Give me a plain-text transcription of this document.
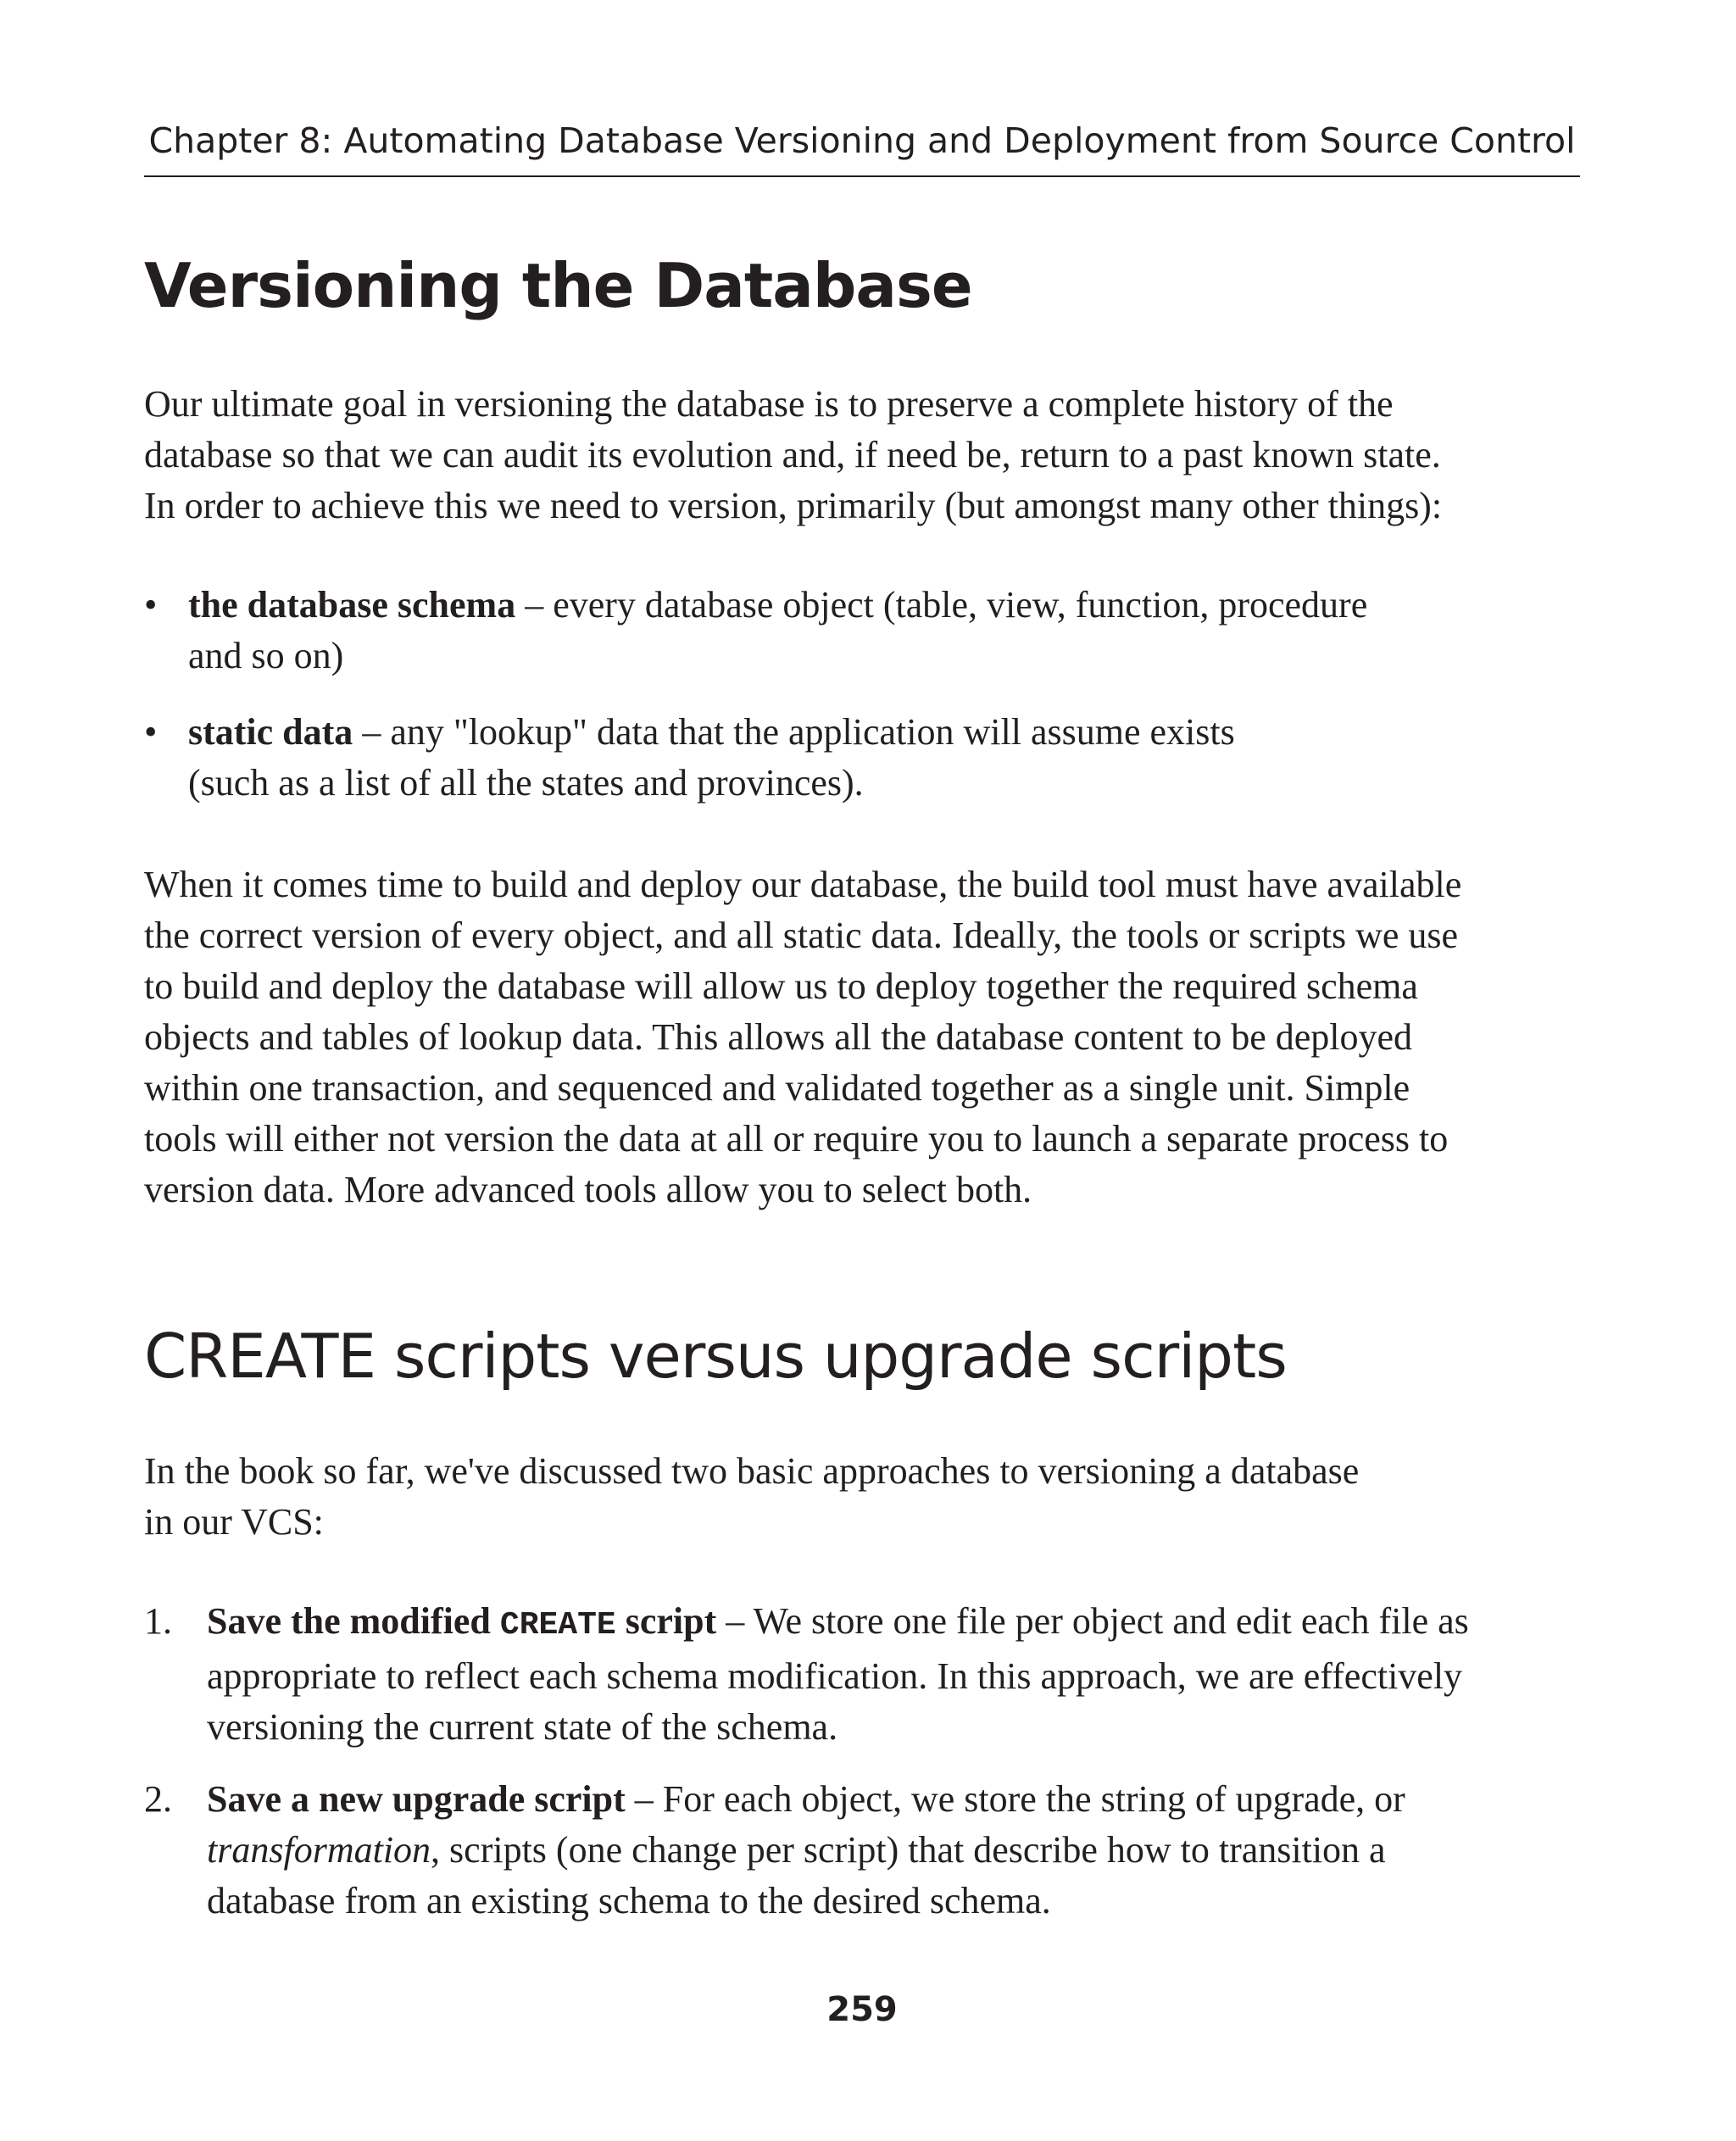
Chapter 8: Automating Database Versioning and Deployment from Source Control
Versioning the Database

Our ultimate goal in versioning the database is to preserve a complete history of the
database so that we can audit its evolution and, if need be, return to a past known state.
In order to achieve this we need to version, primarily (but amongst many other things):

• the database schema – every database object (table, view, function, procedure
and so on)
• static data – any "lookup" data that the application will assume exists
(such as a list of all the states and provinces).

When it comes time to build and deploy our database, the build tool must have available
the correct version of every object, and all static data. Ideally, the tools or scripts we use
to build and deploy the database will allow us to deploy together the required schema
objects and tables of lookup data. This allows all the database content to be deployed
within one transaction, and sequenced and validated together as a single unit. Simple
tools will either not version the data at all or require you to launch a separate process to
version data. More advanced tools allow you to select both.

CREATE scripts versus upgrade scripts

In the book so far, we've discussed two basic approaches to versioning a database
in our VCS:

1. Save the modified CREATE script – We store one file per object and edit each file as
appropriate to reflect each schema modification. In this approach, we are effectively
versioning the current state of the schema.
2. Save a new upgrade script – For each object, we store the string of upgrade, or
transformation, scripts (one change per script) that describe how to transition a
database from an existing schema to the desired schema.
259
